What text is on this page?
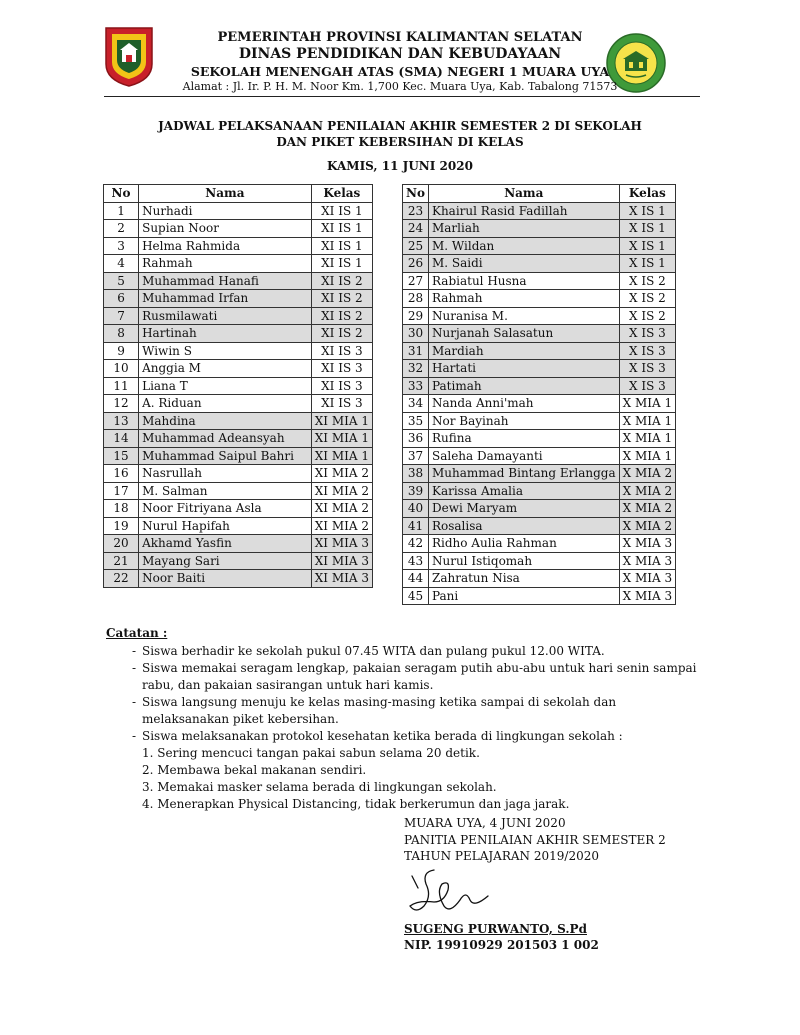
PEMERINTAH PROVINSI KALIMANTAN SELATAN
DINAS PENDIDIKAN DAN KEBUDAYAAN
SEKOLAH MENENGAH ATAS (SMA) NEGERI 1 MUARA UYA
Alamat : Jl. Ir. P. H. M. Noor Km. 1,700 Kec. Muara Uya, Kab. Tabalong 71573
JADWAL PELAKSANAAN PENILAIAN AKHIR SEMESTER 2 DI SEKOLAH
DAN PIKET KEBERSIHAN DI KELAS
KAMIS, 11 JUNI 2020
No	Nama	Kelas
1	Nurhadi	XI IS 1
2	Supian Noor	XI IS 1
3	Helma Rahmida	XI IS 1
4	Rahmah	XI IS 1
5	Muhammad Hanafi	XI IS 2
6	Muhammad Irfan	XI IS 2
7	Rusmilawati	XI IS 2
8	Hartinah	XI IS 2
9	Wiwin S	XI IS 3
10	Anggia M	XI IS 3
11	Liana T	XI IS 3
12	A. Riduan	XI IS 3
13	Mahdina	XI MIA 1
14	Muhammad Adeansyah	XI MIA 1
15	Muhammad Saipul Bahri	XI MIA 1
16	Nasrullah	XI MIA 2
17	M. Salman	XI MIA 2
18	Noor Fitriyana Asla	XI MIA 2
19	Nurul Hapifah	XI MIA 2
20	Akhamd Yasfin	XI MIA 3
21	Mayang Sari	XI MIA 3
22	Noor Baiti	XI MIA 3
No	Nama	Kelas
23	Khairul Rasid Fadillah	X IS 1
24	Marliah	X IS 1
25	M. Wildan	X IS 1
26	M. Saidi	X IS 1
27	Rabiatul Husna	X IS 2
28	Rahmah	X IS 2
29	Nuranisa M.	X IS 2
30	Nurjanah Salasatun	X IS 3
31	Mardiah	X IS 3
32	Hartati	X IS 3
33	Patimah	X IS 3
34	Nanda Anni'mah	X MIA 1
35	Nor Bayinah	X MIA 1
36	Rufina	X MIA 1
37	Saleha Damayanti	X MIA 1
38	Muhammad Bintang Erlangga	X MIA 2
39	Karissa Amalia	X MIA 2
40	Dewi Maryam	X MIA 2
41	Rosalisa	X MIA 2
42	Ridho Aulia Rahman	X MIA 3
43	Nurul Istiqomah	X MIA 3
44	Zahratun Nisa	X MIA 3
45	Pani	X MIA 3
Catatan :
- Siswa berhadir ke sekolah pukul 07.45 WITA dan pulang pukul 12.00 WITA.
- Siswa memakai seragam lengkap, pakaian seragam putih abu-abu untuk hari senin sampai rabu, dan pakaian sasirangan untuk hari kamis.
- Siswa langsung menuju ke kelas masing-masing ketika sampai di sekolah dan melaksanakan piket kebersihan.
- Siswa melaksanakan protokol kesehatan ketika berada di lingkungan sekolah :
1. Sering mencuci tangan pakai sabun selama 20 detik.
2. Membawa bekal makanan sendiri.
3. Memakai masker selama berada di lingkungan sekolah.
4. Menerapkan Physical Distancing, tidak berkerumun dan jaga jarak.
MUARA UYA, 4 JUNI 2020
PANITIA PENILAIAN AKHIR SEMESTER 2
TAHUN PELAJARAN 2019/2020
SUGENG PURWANTO, S.Pd
NIP. 19910929 201503 1 002
